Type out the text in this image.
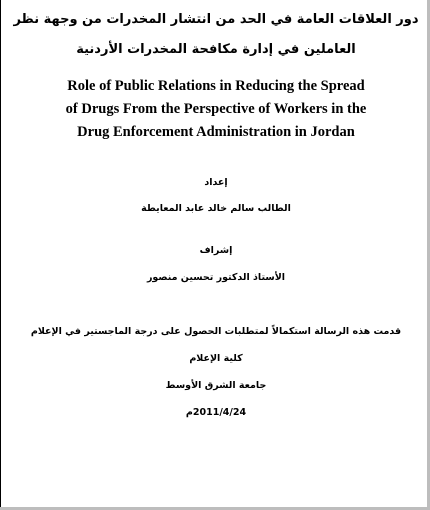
دور العلاقات العامة في الحد من انتشار المخدرات من وجهة نظر
العاملين في إدارة مكافحة المخدرات الأردنية
Role of Public Relations in Reducing the Spread
of Drugs From the Perspective of Workers in the
Drug Enforcement Administration in Jordan
إعداد
الطالب سالم خالد عابد المعايطة
إشراف
الأستاذ الدكتور تحسين منصور
قدمت هذه الرسالة استكمالاً لمتطلبات الحصول على درجة الماجستير في الإعلام
كلية الإعلام
جامعة الشرق الأوسط
2011/4/24م
